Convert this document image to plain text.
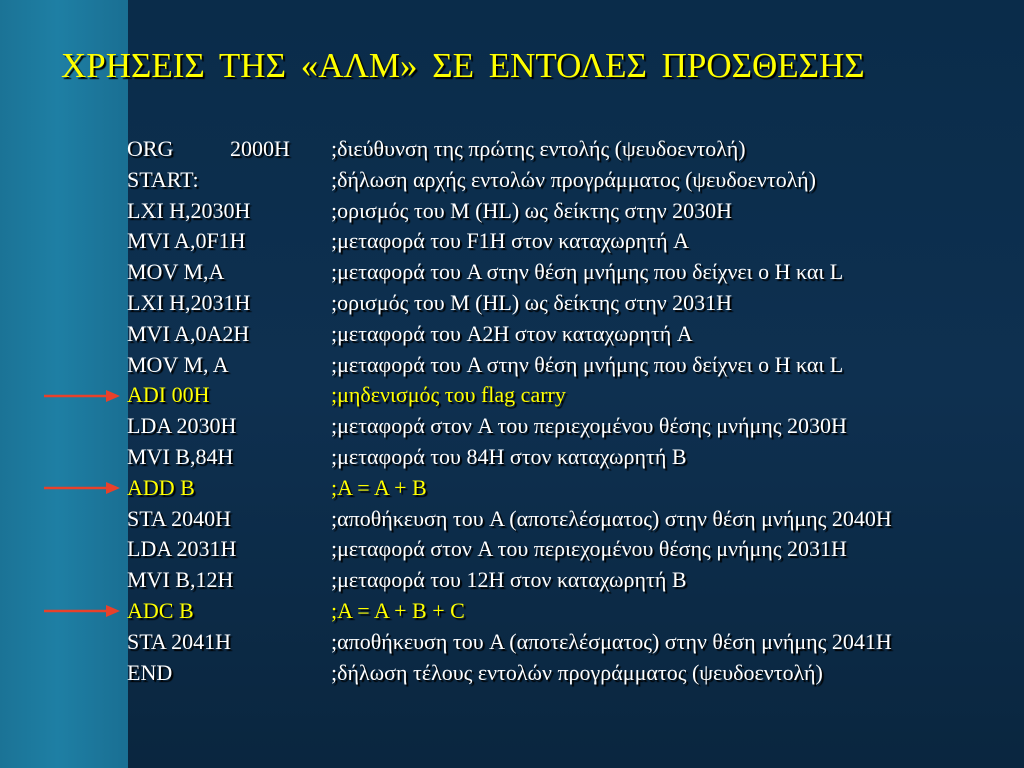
ΧΡΗΣΕΙΣ ΤΗΣ «ΑΛΜ» ΣΕ ΕΝΤΟΛΕΣ ΠΡΟΣΘΕΣΗΣ
ORG	2000H ;διεύθυνση της πρώτης εντολής (ψευδοεντολή)
START:	;δήλωση αρχής εντολών προγράμματος (ψευδοεντολή)
LXI H,2030H	;ορισμός του M (HL) ως δείκτης στην 2030H
MVI A,0F1H	;μεταφορά του F1H στον καταχωρητή A
MOV M,A	;μεταφορά του A στην θέση μνήμης που δείχνει ο H και L
LXI H,2031H	;ορισμός του M (HL) ως δείκτης στην 2031H
MVI A,0A2H	;μεταφορά του A2H στον καταχωρητή A
MOV M, A	;μεταφορά του A στην θέση μνήμης που δείχνει ο H και L
ADI 00H	;μηδενισμός του flag carry
LDA 2030H	;μεταφορά στον A του περιεχομένου θέσης μνήμης 2030H
MVI B,84H	;μεταφορά του 84H στον καταχωρητή B
ADD B	;A = A + B
STA 2040H	;αποθήκευση του A (αποτελέσματος) στην θέση μνήμης 2040H
LDA 2031H	;μεταφορά στον A του περιεχομένου θέσης μνήμης 2031H
MVI B,12H	;μεταφορά του 12H στον καταχωρητή B
ADC B	;A = A + B + C
STA 2041H	;αποθήκευση του A (αποτελέσματος) στην θέση μνήμης 2041H
END	;δήλωση τέλους εντολών προγράμματος (ψευδοεντολή)
